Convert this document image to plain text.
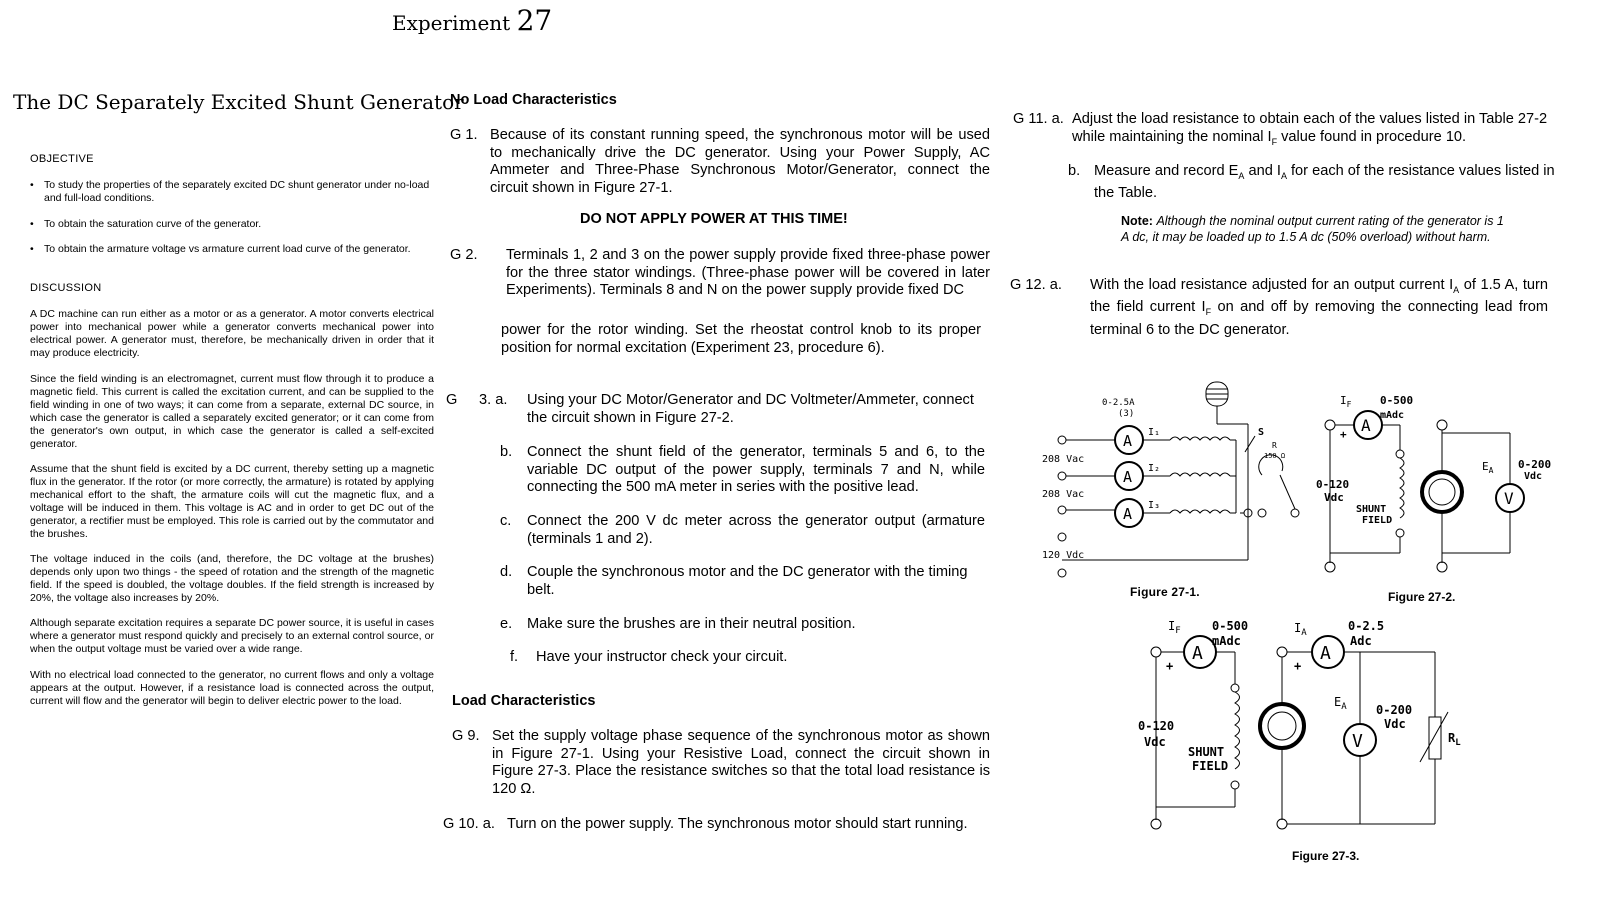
Experiment 27
The DC Separately Excited Shunt Generator
OBJECTIVE
• To study the properties of the separately excited DC shunt generator under no-load and full-load conditions.
• To obtain the saturation curve of the generator.
• To obtain the armature voltage vs armature current load curve of the generator.
DISCUSSION
A DC machine can run either as a motor or as a generator. A motor converts electrical power into mechanical power while a generator converts mechanical power into electrical power. A generator must, therefore, be mechanically driven in order that it may produce electricity.
Since the field winding is an electromagnet, current must flow through it to produce a magnetic field. This current is called the excitation current, and can be supplied to the field winding in one of two ways; it can come from a separate, external DC source, in which case the generator is called a separately excited generator; or it can come from the generator's own output, in which case the generator is called a self-excited generator.
Assume that the shunt field is excited by a DC current, thereby setting up a magnetic flux in the generator. If the rotor (or more correctly, the armature) is rotated by applying mechanical effort to the shaft, the armature coils will cut the magnetic flux, and a voltage will be induced in them. This voltage is AC and in order to get DC out of the generator, a rectifier must be employed. This role is carried out by the commutator and the brushes.
The voltage induced in the coils (and, therefore, the DC voltage at the brushes) depends only upon two things - the speed of rotation and the strength of the magnetic field. If the speed is doubled, the voltage doubles. If the field strength is increased by 20%, the voltage also increases by 20%.
Although separate excitation requires a separate DC power source, it is useful in cases where a generator must respond quickly and precisely to an external control source, or when the output voltage must be varied over a wide range.
With no electrical load connected to the generator, no current flows and only a voltage appears at the output. However, if a resistance load is connected across the output, current will flow and the generator will begin to deliver electric power to the load.
No Load Characteristics
G 1. Because of its constant running speed, the synchronous motor will be used to mechanically drive the DC generator. Using your Power Supply, AC Ammeter and Three-Phase Synchronous Motor/Generator, connect the circuit shown in Figure 27-1.
DO NOT APPLY POWER AT THIS TIME!
G 2. Terminals 1, 2 and 3 on the power supply provide fixed three-phase power for the three stator windings. (Three-phase power will be covered in later Experiments). Terminals 8 and N on the power supply provide fixed DC
power for the rotor winding. Set the rheostat control knob to its proper position for normal excitation (Experiment 23, procedure 6).
G 3. a. Using your DC Motor/Generator and DC Voltmeter/Ammeter, connect the circuit shown in Figure 27-2.
b. Connect the shunt field of the generator, terminals 5 and 6, to the variable DC output of the power supply, terminals 7 and N, while connecting the 500 mA meter in series with the positive lead.
c. Connect the 200 V dc meter across the generator output (armature (terminals 1 and 2).
d. Couple the synchronous motor and the DC generator with the timing belt.
e. Make sure the brushes are in their neutral position.
f. Have your instructor check your circuit.
Load Characteristics
G 9. Set the supply voltage phase sequence of the synchronous motor as shown in Figure 27-1. Using your Resistive Load, connect the circuit shown in Figure 27-3. Place the resistance switches so that the total load resistance is 120 Ω.
G 10. a. Turn on the power supply. The synchronous motor should start running.
G 11. a. Adjust the load resistance to obtain each of the values listed in Table 27-2 while maintaining the nominal $I_F$ value found in procedure 10.
b. Measure and record $E_A$ and $I_A$ for each of the resistance values listed in the Table.
Note: Although the nominal output current rating of the generator is 1 A dc, it may be loaded up to 1.5 A dc (50% overload) without harm.
G 12. a. With the load resistance adjusted for an output current $I_A$ of 1.5 A, turn the field current $I_F$ on and off by removing the connecting lead from terminal 6 to the DC generator.
208 Vac
208 Vac
120 Vdc
0-2.5A
(3)
A
A
A
I₁
I₂
I₃
S
R
150 Ω
Figure 27-1.
$I_F$	0-500
mAdc
A
+
SHUNT
FIELD
0-120
Vdc	V
$E_A$ 0-200
Vdc
Figure 27-2.
$I_F$	0-500
mAdc
A
+
SHUNT
FIELD
0-120
Vdc
$I_A$
A
+
0-2.5
Adc
V
$E_A$ 0-200
Vdc
$R_L$
Figure 27-3.
